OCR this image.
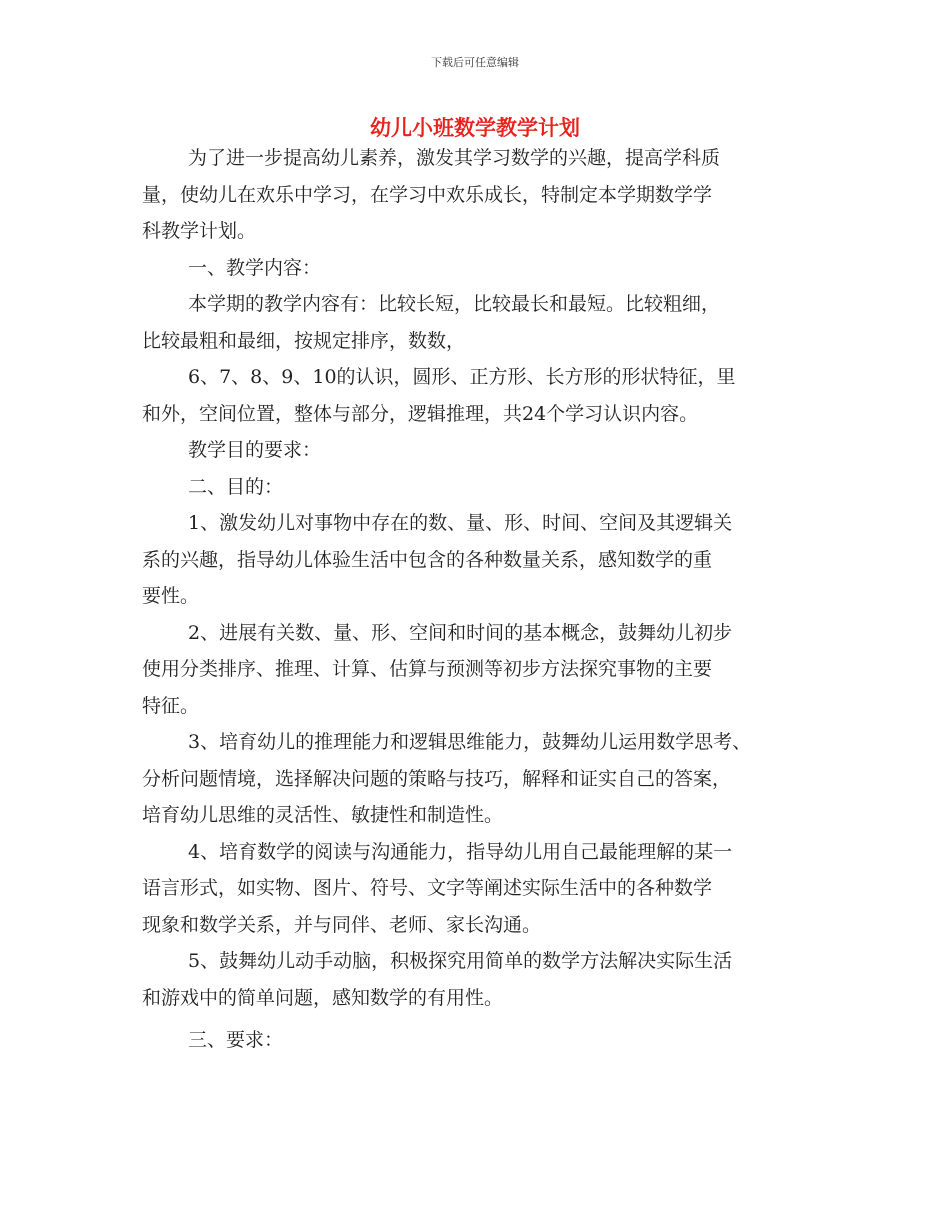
下载后可任意编辑
幼儿小班数学教学计划

为了进一步提高幼儿素养，激发其学习数学的兴趣，提高学科质

量，使幼儿在欢乐中学习，在学习中欢乐成长，特制定本学期数学学

科教学计划。

一、教学内容：

本学期的教学内容有：比较长短，比较最长和最短。比较粗细，

比较最粗和最细，按规定排序，数数，

6、7、8、9、10的认识，圆形、正方形、长方形的形状特征，里

和外，空间位置，整体与部分，逻辑推理，共24个学习认识内容。

教学目的要求：

二、目的：

1、激发幼儿对事物中存在的数、量、形、时间、空间及其逻辑关

系的兴趣，指导幼儿体验生活中包含的各种数量关系，感知数学的重

要性。

2、进展有关数、量、形、空间和时间的基本概念，鼓舞幼儿初步

使用分类排序、推理、计算、估算与预测等初步方法探究事物的主要

特征。

3、培育幼儿的推理能力和逻辑思维能力，鼓舞幼儿运用数学思考、

分析问题情境，选择解决问题的策略与技巧，解释和证实自己的答案，

培育幼儿思维的灵活性、敏捷性和制造性。

4、培育数学的阅读与沟通能力，指导幼儿用自己最能理解的某一

语言形式，如实物、图片、符号、文字等阐述实际生活中的各种数学

现象和数学关系，并与同伴、老师、家长沟通。

5、鼓舞幼儿动手动脑，积极探究用简单的数学方法解决实际生活

和游戏中的简单问题，感知数学的有用性。

三、要求：
